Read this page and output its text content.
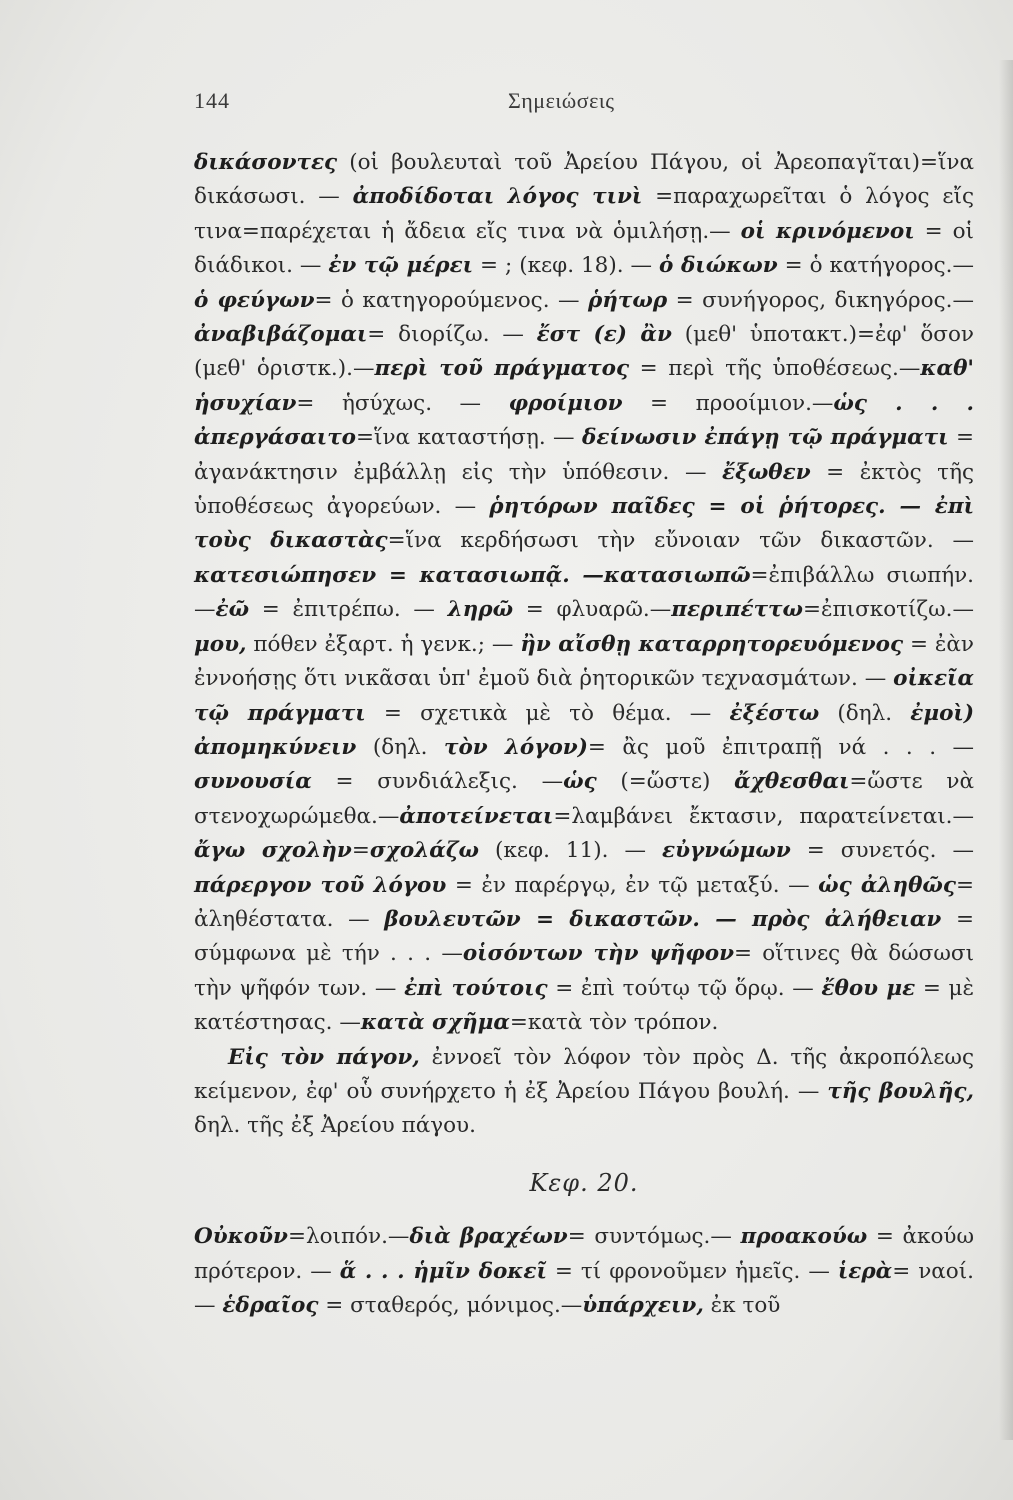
144	Σημειώσεις

δικάσοντες (οἱ βουλευταὶ τοῦ Ἀρείου Πάγου, οἱ Ἀρεοπαγῖται)=ἵνα δικάσωσι. — ἀποδίδοται λόγος τινὶ =παραχωρεῖται ὁ λόγος εἴς τινα=παρέχεται ἡ ἄδεια εἴς τινα νὰ ὁμιλήσῃ.— οἱ κρινόμενοι = οἱ διάδικοι. — ἐν τῷ μέρει = ; (κεφ. 18). — ὁ διώκων = ὁ κατήγορος.—ὁ φεύγων= ὁ κατηγορούμενος. — ῥήτωρ = συνήγορος, δικηγόρος.—ἀναβιβάζομαι= διορίζω. — ἔστ (ε) ἂν (μεθ' ὑποτακτ.)=ἐφ' ὅσον (μεθ' ὁριστκ.).—περὶ τοῦ πράγματος = περὶ τῆς ὑποθέσεως.—καθ' ἡσυχίαν= ἡσύχως. — φροίμιον = προοίμιον.—ὡς . . . ἀπεργάσαιτο=ἵνα καταστήσῃ. — δείνωσιν ἐπάγῃ τῷ πράγματι = ἀγανάκτησιν ἐμβάλλῃ εἰς τὴν ὑπόθεσιν. — ἔξωθεν = ἐκτὸς τῆς ὑποθέσεως ἀγορεύων. — ῥητόρων παῖδες = οἱ ῥήτορες. — ἐπὶ τοὺς δικαστὰς=ἵνα κερδήσωσι τὴν εὔνοιαν τῶν δικαστῶν. — κατεσιώπησεν = κατασιωπᾷ. —κατασιωπῶ=ἐπιβάλλω σιωπήν.—ἐῶ = ἐπιτρέπω. — ληρῶ = φλυαρῶ.—περιπέττω=ἐπισκοτίζω.— μου, πόθεν ἐξαρτ. ἡ γενκ.; — ἢν αἴσθῃ καταρρητορευόμενος = ἐὰν ἐννοήσῃς ὅτι νικᾶσαι ὑπ' ἐμοῦ διὰ ῥητορικῶν τεχνασμάτων. — οἰκεῖα τῷ πράγματι = σχετικὰ μὲ τὸ θέμα. — ἐξέστω (δηλ. ἐμοὶ) ἀπομηκύνειν (δηλ. τὸν λόγον)= ἂς μοῦ ἐπιτραπῇ νά . . . — συνουσία = συνδιάλεξις. —ὡς (=ὥστε) ἄχθεσθαι=ὥστε νὰ στενοχωρώμεθα.—ἀποτείνεται=λαμβάνει ἔκτασιν, παρατείνεται.—ἄγω σχολὴν=σχολάζω (κεφ. 11). — εὐγνώμων = συνετός. — πάρεργον τοῦ λόγου = ἐν παρέργῳ, ἐν τῷ μεταξύ. — ὡς ἀληθῶς= ἀληθέστατα. — βουλευτῶν = δικαστῶν. — πρὸς ἀλήθειαν = σύμφωνα μὲ τήν . . . —οἱσόντων τὴν ψῆφον= οἵτινες θὰ δώσωσι τὴν ψῆφόν των. — ἐπὶ τούτοις = ἐπὶ τούτῳ τῷ ὅρῳ. — ἔθου με = μὲ κατέστησας. —κατὰ σχῆμα=κατὰ τὸν τρόπον.

Εἰς τὸν πάγον, ἐννοεῖ τὸν λόφον τὸν πρὸς Δ. τῆς ἀκροπόλεως κείμενον, ἐφ' οὗ συνήρχετο ἡ ἐξ Ἀρείου Πάγου βουλή. — τῆς βουλῆς, δηλ. τῆς ἐξ Ἀρείου πάγου.

Κεφ. 20.

Οὐκοῦν=λοιπόν.—διὰ βραχέων= συντόμως.— προακούω = ἀκούω πρότερον. — ἅ . . . ἡμῖν δοκεῖ = τί φρονοῦμεν ἡμεῖς. — ἱερὰ= ναοί.— ἑδραῖος = σταθερός, μόνιμος.—ὑπάρχειν, ἐκ τοῦ
